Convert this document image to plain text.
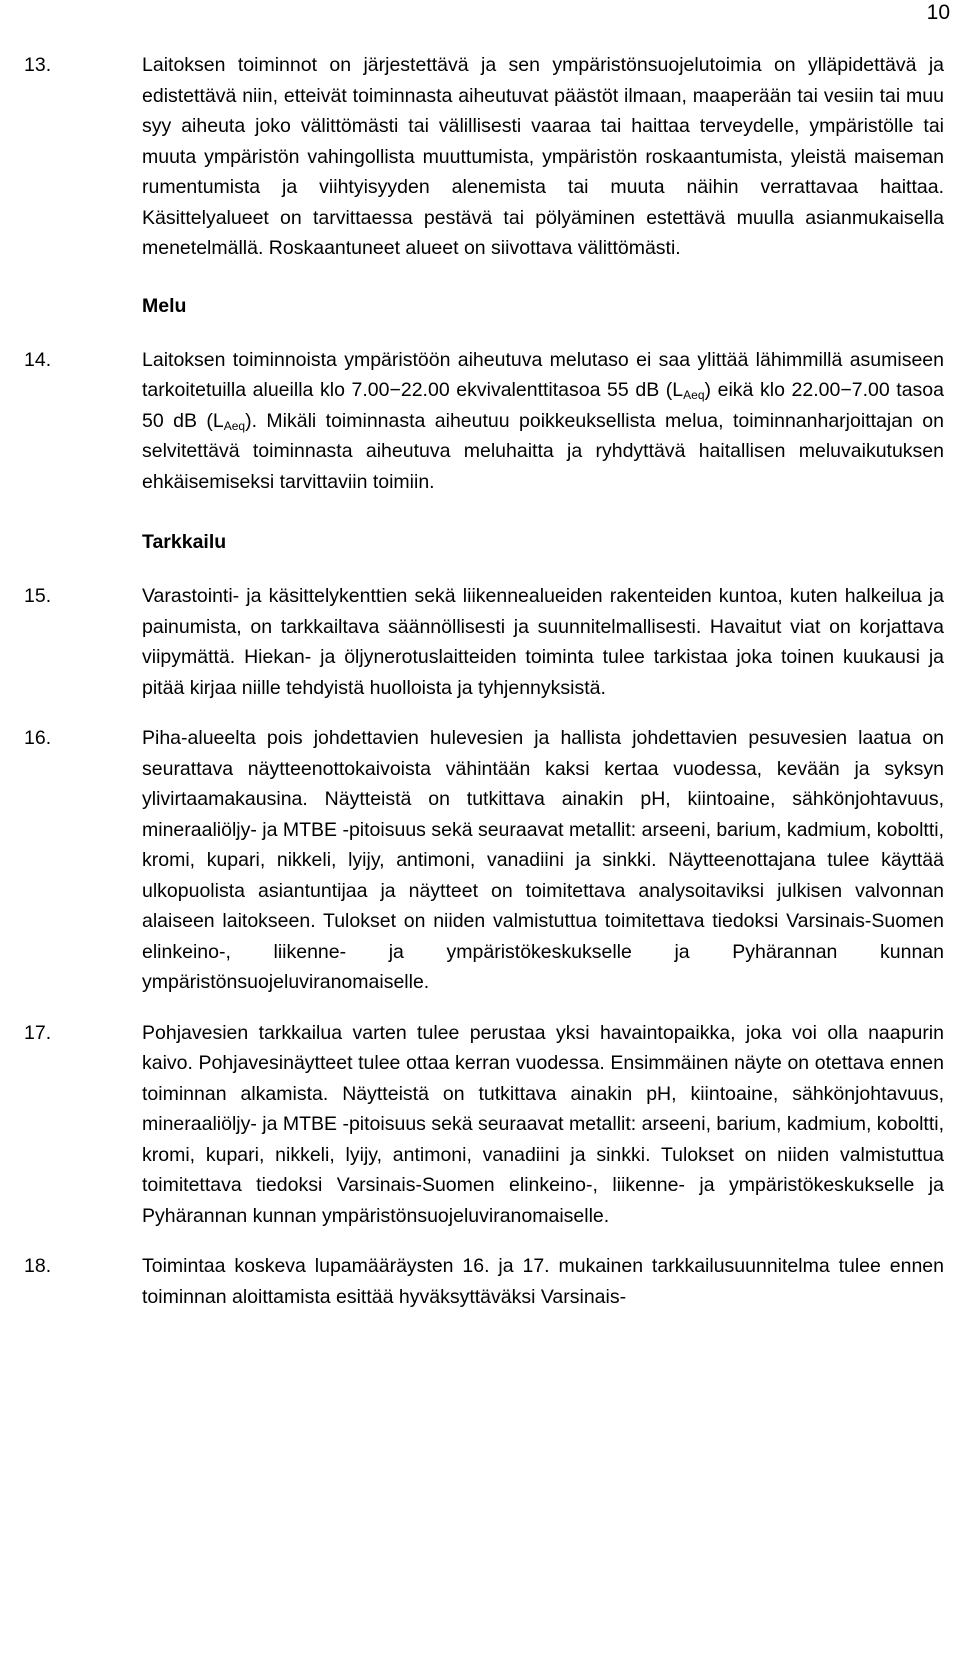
10
13.	Laitoksen toiminnot on järjestettävä ja sen ympäristönsuojelutoimia on ylläpidettävä ja edistettävä niin, etteivät toiminnasta aiheutuvat päästöt ilmaan, maaperään tai vesiin tai muu syy aiheuta joko välittömästi tai välillisesti vaaraa tai haittaa terveydelle, ympäristölle tai muuta ympäristön vahingollista muuttumista, ympäristön roskaantumista, yleistä maiseman rumentumista ja viihtyisyyden alenemista tai muuta näihin verrattavaa haittaa. Käsittelyalueet on tarvittaessa pestävä tai pölyäminen estettävä muulla asianmukaisella menetelmällä. Roskaantuneet alueet on siivottava välittömästi.
Melu
14.	Laitoksen toiminnoista ympäristöön aiheutuva melutaso ei saa ylittää lähimmillä asumiseen tarkoitetuilla alueilla klo 7.00−22.00 ekvivalenttitasoa 55 dB $(L_{Aeq})$ eikä klo 22.00−7.00 tasoa 50 dB $(L_{Aeq})$. Mikäli toiminnasta aiheutuu poikkeuksellista melua, toiminnanharjoittajan on selvitettävä toiminnasta aiheutuva meluhaitta ja ryhdyttävä haitallisen meluvaikutuksen ehkäisemiseksi tarvittaviin toimiin.
Tarkkailu
15.	Varastointi- ja käsittelykenttien sekä liikennealueiden rakenteiden kuntoa, kuten halkeilua ja painumista, on tarkkailtava säännöllisesti ja suunnitelmallisesti. Havaitut viat on korjattava viipymättä. Hiekan- ja öljynerotuslaitteiden toiminta tulee tarkistaa joka toinen kuukausi ja pitää kirjaa niille tehdyistä huolloista ja tyhjennyksistä.
16.	Piha-alueelta pois johdettavien hulevesien ja hallista johdettavien pesuvesien laatua on seurattava näytteenottokaivoista vähintään kaksi kertaa vuodessa, kevään ja syksyn ylivirtaamakausina. Näytteistä on tutkittava ainakin pH, kiintoaine, sähkönjohtavuus, mineraaliöljy- ja MTBE -pitoisuus sekä seuraavat metallit: arseeni, barium, kadmium, koboltti, kromi, kupari, nikkeli, lyijy, antimoni, vanadiini ja sinkki. Näytteenottajana tulee käyttää ulkopuolista asiantuntijaa ja näytteet on toimitettava analysoitaviksi julkisen valvonnan alaiseen laitokseen. Tulokset on niiden valmistuttua toimitettava tiedoksi Varsinais-Suomen elinkeino-, liikenne- ja ympäristökeskukselle ja Pyhärannan kunnan ympäristönsuojeluviranomaiselle.
17.	Pohjavesien tarkkailua varten tulee perustaa yksi havaintopaikka, joka voi olla naapurin kaivo. Pohjavesinäytteet tulee ottaa kerran vuodessa. Ensimmäinen näyte on otettava ennen toiminnan alkamista. Näytteistä on tutkittava ainakin pH, kiintoaine, sähkönjohtavuus, mineraaliöljy- ja MTBE -pitoisuus sekä seuraavat metallit: arseeni, barium, kadmium, koboltti, kromi, kupari, nikkeli, lyijy, antimoni, vanadiini ja sinkki. Tulokset on niiden valmistuttua toimitettava tiedoksi Varsinais-Suomen elinkeino-, liikenne- ja ympäristökeskukselle ja Pyhärannan kunnan ympäristönsuojeluviranomaiselle.
18.	Toimintaa koskeva lupamääräysten 16. ja 17. mukainen tarkkailusuunnitelma tulee ennen toiminnan aloittamista esittää hyväksyttäväksi Varsinais-
